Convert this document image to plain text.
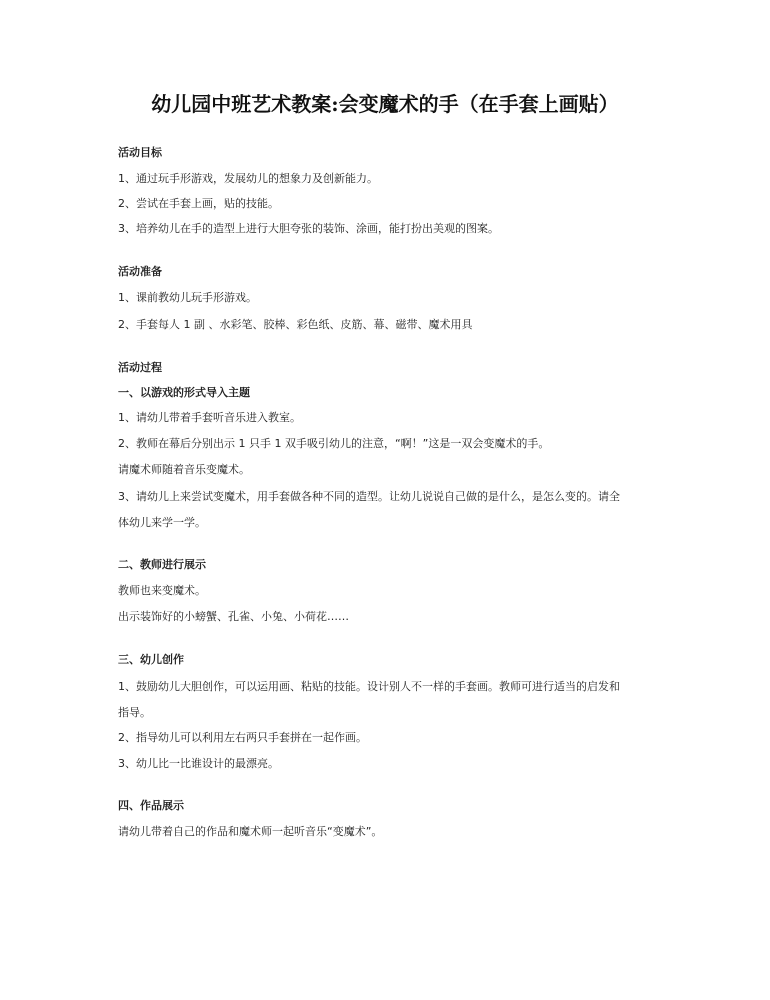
幼儿园中班艺术教案:会变魔术的手（在手套上画贴）

活动目标

1、通过玩手形游戏，发展幼儿的想象力及创新能力。

2、尝试在手套上画，贴的技能。

3、培养幼儿在手的造型上进行大胆夸张的装饰、涂画，能打扮出美观的图案。

活动准备

1、课前教幼儿玩手形游戏。

2、手套每人 1 副 、水彩笔、胶棒、彩色纸、皮筋、幕、磁带、魔术用具

活动过程

一、以游戏的形式导入主题

1、请幼儿带着手套听音乐进入教室。

2、教师在幕后分别出示 1 只手 1 双手吸引幼儿的注意，“啊！”这是一双会变魔术的手。

请魔术师随着音乐变魔术。

3、请幼儿上来尝试变魔术，用手套做各种不同的造型。让幼儿说说自己做的是什么，是怎么变的。请全

体幼儿来学一学。

二、教师进行展示

教师也来变魔术。

出示装饰好的小螃蟹、孔雀、小兔、小荷花……

三、幼儿创作

1、鼓励幼儿大胆创作，可以运用画、粘贴的技能。设计别人不一样的手套画。教师可进行适当的启发和

指导。

2、指导幼儿可以利用左右两只手套拼在一起作画。

3、幼儿比一比谁设计的最漂亮。

四、作品展示

请幼儿带着自己的作品和魔术师一起听音乐“变魔术”。
